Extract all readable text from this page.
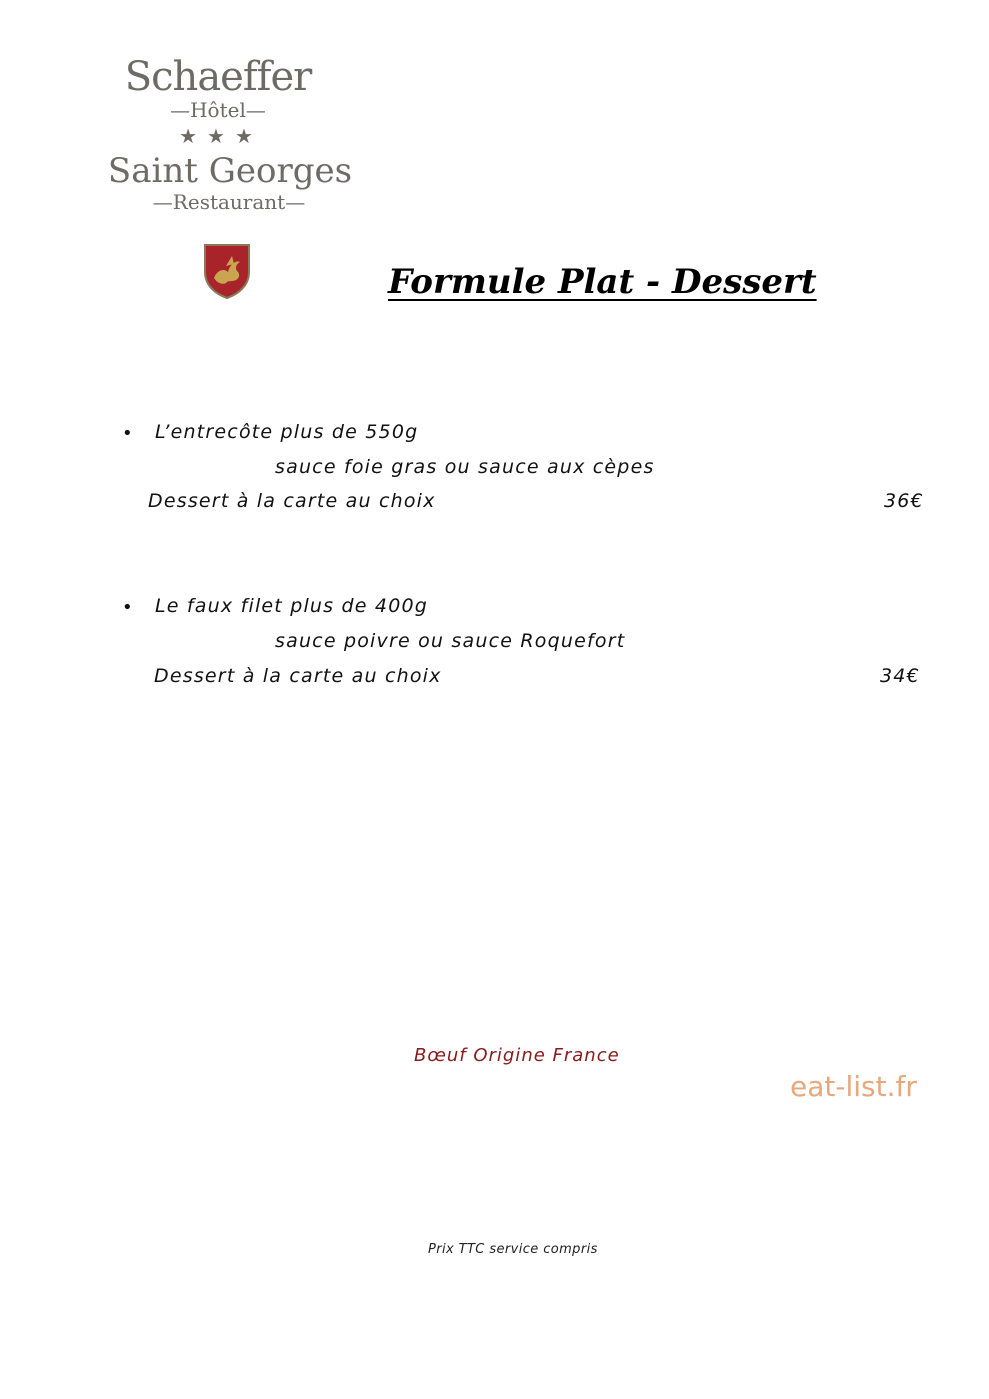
Schaeffer
—Hôtel—
★★★
Saint Georges
—Restaurant—
Formule Plat - Dessert
• L’entrecôte plus de 550g
sauce foie gras ou sauce aux cèpes
Dessert à la carte au choix	36€
• Le faux filet plus de 400g
sauce poivre ou sauce Roquefort
Dessert à la carte au choix	34€
Bœuf Origine France
eat-list.fr
Prix TTC service compris
